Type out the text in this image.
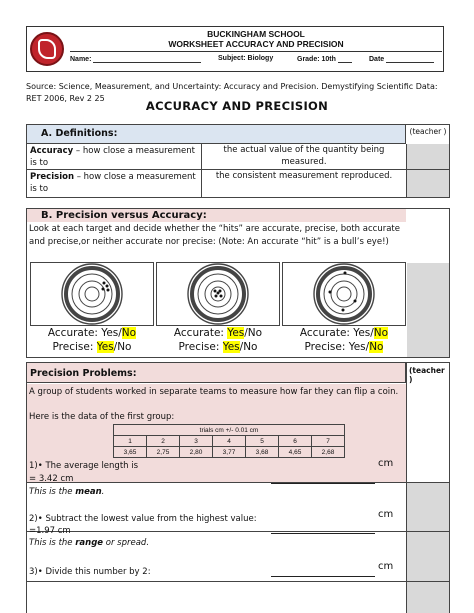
BUCKINGHAM SCHOOL
WORKSHEET ACCURACY AND PRECISION
Name:	Subject: Biology	Grade: 10th	Date
Source: Science, Measurement, and Uncertainty: Accuracy and Precision. Demystifying Scientific Data: RET 2006, Rev 2 25
ACCURACY AND PRECISION
A. Definitions:	(teacher )
Accuracy – how close a measurement is to
the actual value of the quantity being measured.
Precision – how close a measurement is to
the consistent measurement reproduced.
B. Precision versus Accuracy:
Look at each target and decide whether the “hits” are accurate, precise, both accurate and precise,or neither accurate nor precise: (Note: An accurate “hit” is a bull’s eye!)
Accurate: Yes/No
Precise: Yes/No
Accurate: Yes/No
Precise: Yes/No
Accurate: Yes/No
Precise: Yes/No
Precision Problems:	(teacher )
A group of students worked in separate teams to measure how far they can flip a coin.
Here is the data of the first group:
trials cm +/- 0.01 cm						
1	2	3	4	5	6	7
3,65	2,75	2,80	3,77	3,68	4,65	2,68
1)• The average length is
= 3.42 cm
This is the mean.
cm
2)• Subtract the lowest value from the highest value:
=1.97 cm
This is the range or spread.
cm
3)• Divide this number by 2:	cm
